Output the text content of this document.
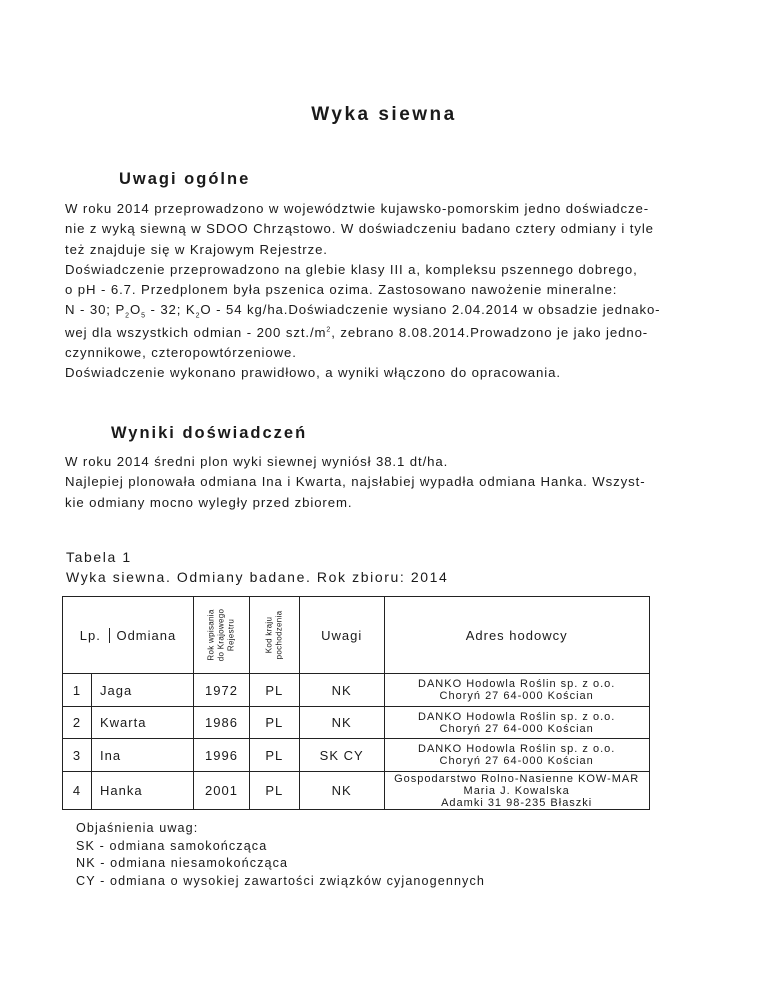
Wyka siewna
Uwagi ogólne
W roku 2014 przeprowadzono w województwie kujawsko-pomorskim jedno doświadcze-
nie z wyką siewną w SDOO Chrząstowo. W doświadczeniu badano cztery odmiany i tyle
też znajduje się w Krajowym Rejestrze.
Doświadczenie przeprowadzono na glebie klasy III a, kompleksu pszennego dobrego,
o pH - 6.7. Przedplonem była pszenica ozima. Zastosowano nawożenie mineralne:
N - 30; $P_2O_5 - 32$; $K_2O - 54$ kg/ha.Doświadczenie wysiano 2.04.2014 w obsadzie jednako-
wej dla wszystkich odmian - 200 $szt./m^2$, zebrano 8.08.2014.Prowadzono je jako jedno-
czynnikowe, czteropowtórzeniowe.
Doświadczenie wykonano prawidłowo, a wyniki włączono do opracowania.
Wyniki doświadczeń
W roku 2014 średni plon wyki siewnej wyniósł 38.1 dt/ha.
Najlepiej plonowała odmiana Ina i Kwarta, najsłabiej wypadła odmiana Hanka. Wszyst-
kie odmiany mocno wyległy przed zbiorem.
Tabela 1
Wyka siewna. Odmiany badane. Rok zbioru: 2014
Lp. Odmiana		Rok wpisania
do Krajowego
Rejestru	Kod kraju
pochodzenia	Uwagi	Adres hodowcy
1	Jaga	1972	PL	NK	DANKO Hodowla Roślin sp. z o.o.
Choryń 27 64-000 Kościan

2	Kwarta	1986	PL	NK	DANKO Hodowla Roślin sp. z o.o.
Choryń 27 64-000 Kościan

3	Ina	1996	PL	SK CY	DANKO Hodowla Roślin sp. z o.o.
Choryń 27 64-000 Kościan

4	Hanka	2001	PL	NK	Gospodarstwo Rolno-Nasienne KOW-MAR
Maria J. Kowalska
Adamki 31 98-235 Błaszki
Objaśnienia uwag:
SK - odmiana samokończąca
NK - odmiana niesamokończąca
CY - odmiana o wysokiej zawartości związków cyjanogennych
